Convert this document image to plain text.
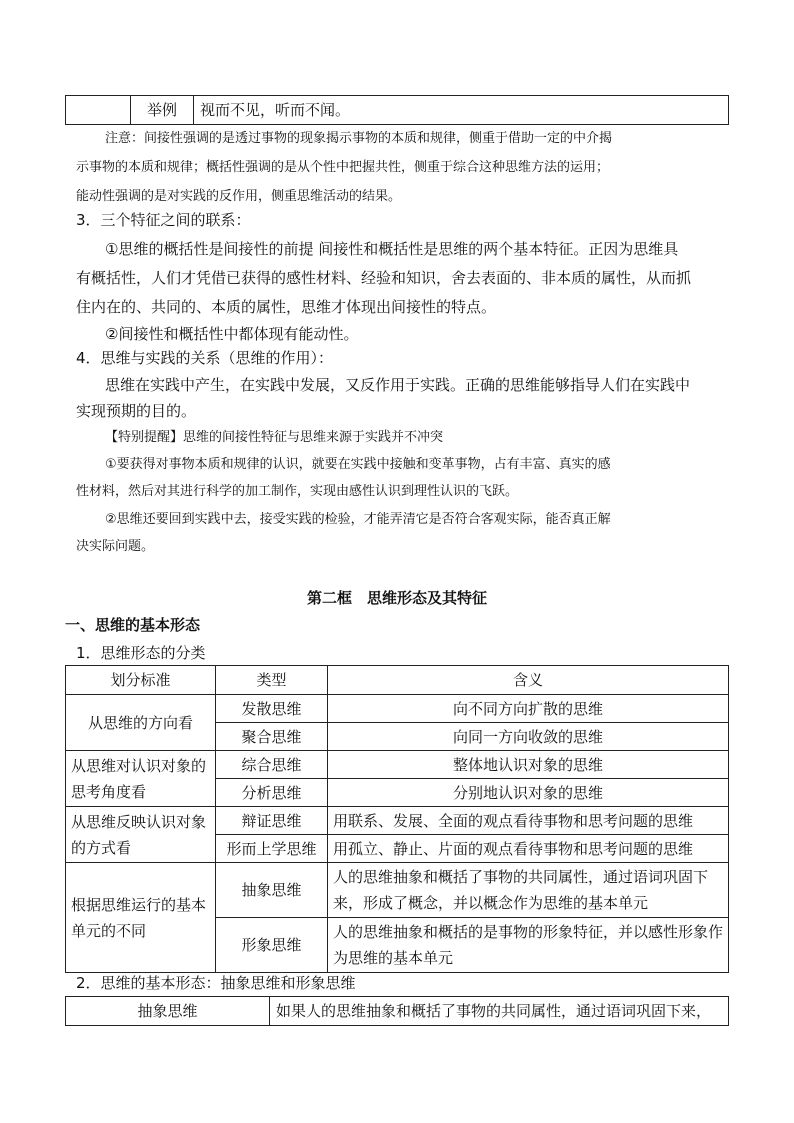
	举例	视而不见，听而不闻。

注意：间接性强调的是透过事物的现象揭示事物的本质和规律，侧重于借助一定的中介揭

示事物的本质和规律；概括性强调的是从个性中把握共性，侧重于综合这种思维方法的运用；

能动性强调的是对实践的反作用，侧重思维活动的结果。

3．三个特征之间的联系：

①思维的概括性是间接性的前提 间接性和概括性是思维的两个基本特征。正因为思维具

有概括性，人们才凭借已获得的感性材料、经验和知识，舍去表面的、非本质的属性，从而抓

住内在的、共同的、本质的属性，思维才体现出间接性的特点。

②间接性和概括性中都体现有能动性。

4．思维与实践的关系（思维的作用）：

思维在实践中产生，在实践中发展，又反作用于实践。正确的思维能够指导人们在实践中

实现预期的目的。

【特别提醒】思维的间接性特征与思维来源于实践并不冲突

①要获得对事物本质和规律的认识，就要在实践中接触和变革事物，占有丰富、真实的感

性材料，然后对其进行科学的加工制作，实现由感性认识到理性认识的飞跃。

②思维还要回到实践中去，接受实践的检验，才能弄清它是否符合客观实际，能否真正解

决实际问题。

第二框　思维形态及其特征

一、思维的基本形态

1．思维形态的分类

划分标准	类型	含义
从思维的方向看	发散思维	向不同方向扩散的思维
	聚合思维	向同一方向收敛的思维
从思维对认识对象的思考角度看	综合思维	整体地认识对象的思维
	分析思维	分别地认识对象的思维
从思维反映认识对象的方式看	辩证思维	用联系、发展、全面的观点看待事物和思考问题的思维
	形而上学思维	用孤立、静止、片面的观点看待事物和思考问题的思维
根据思维运行的基本单元的不同	抽象思维	人的思维抽象和概括了事物的共同属性，通过语词巩固下来，形成了概念，并以概念作为思维的基本单元
	形象思维	人的思维抽象和概括的是事物的形象特征，并以感性形象作为思维的基本单元

2．思维的基本形态：抽象思维和形象思维

抽象思维	如果人的思维抽象和概括了事物的共同属性，通过语词巩固下来，
